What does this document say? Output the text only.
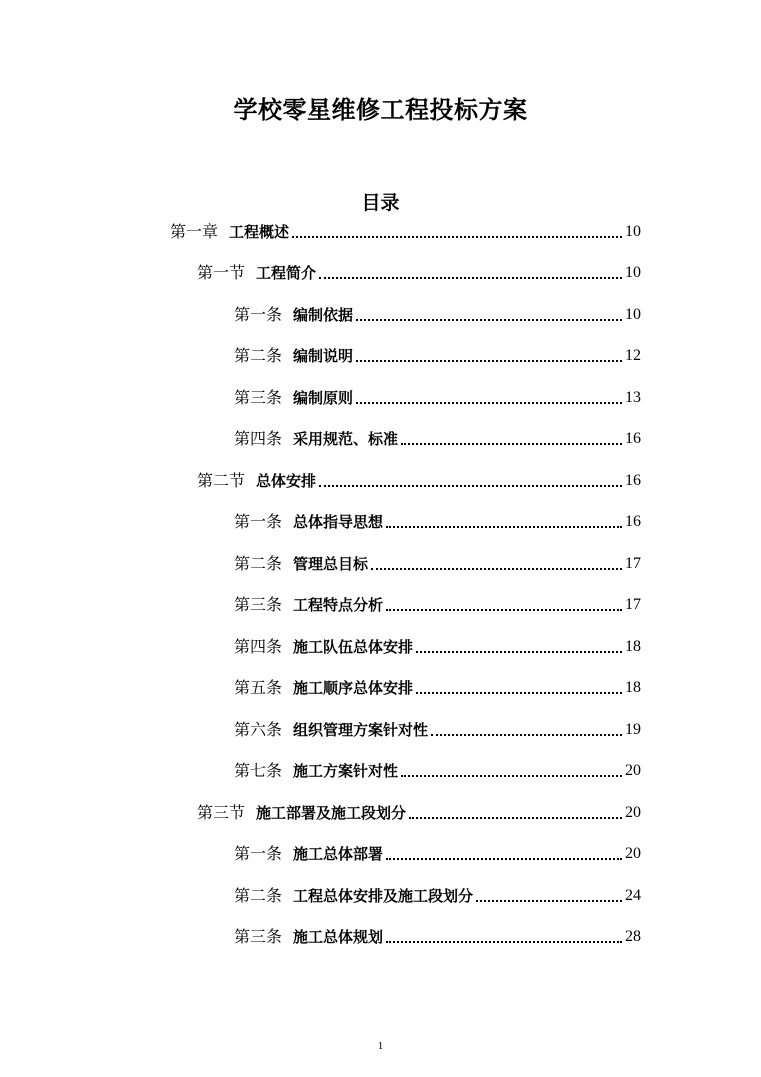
学校零星维修工程投标方案
目录
第一章 工程概述	10
第一节 工程简介	10
第一条 编制依据	10
第二条 编制说明	12
第三条 编制原则	13
第四条 采用规范、标准	16
第二节 总体安排	16
第一条 总体指导思想	16
第二条 管理总目标	17
第三条 工程特点分析	17
第四条 施工队伍总体安排	18
第五条 施工顺序总体安排	18
第六条 组织管理方案针对性	19
第七条 施工方案针对性	20
第三节 施工部署及施工段划分	20
第一条 施工总体部署	20
第二条 工程总体安排及施工段划分	24
第三条 施工总体规划	28
1
